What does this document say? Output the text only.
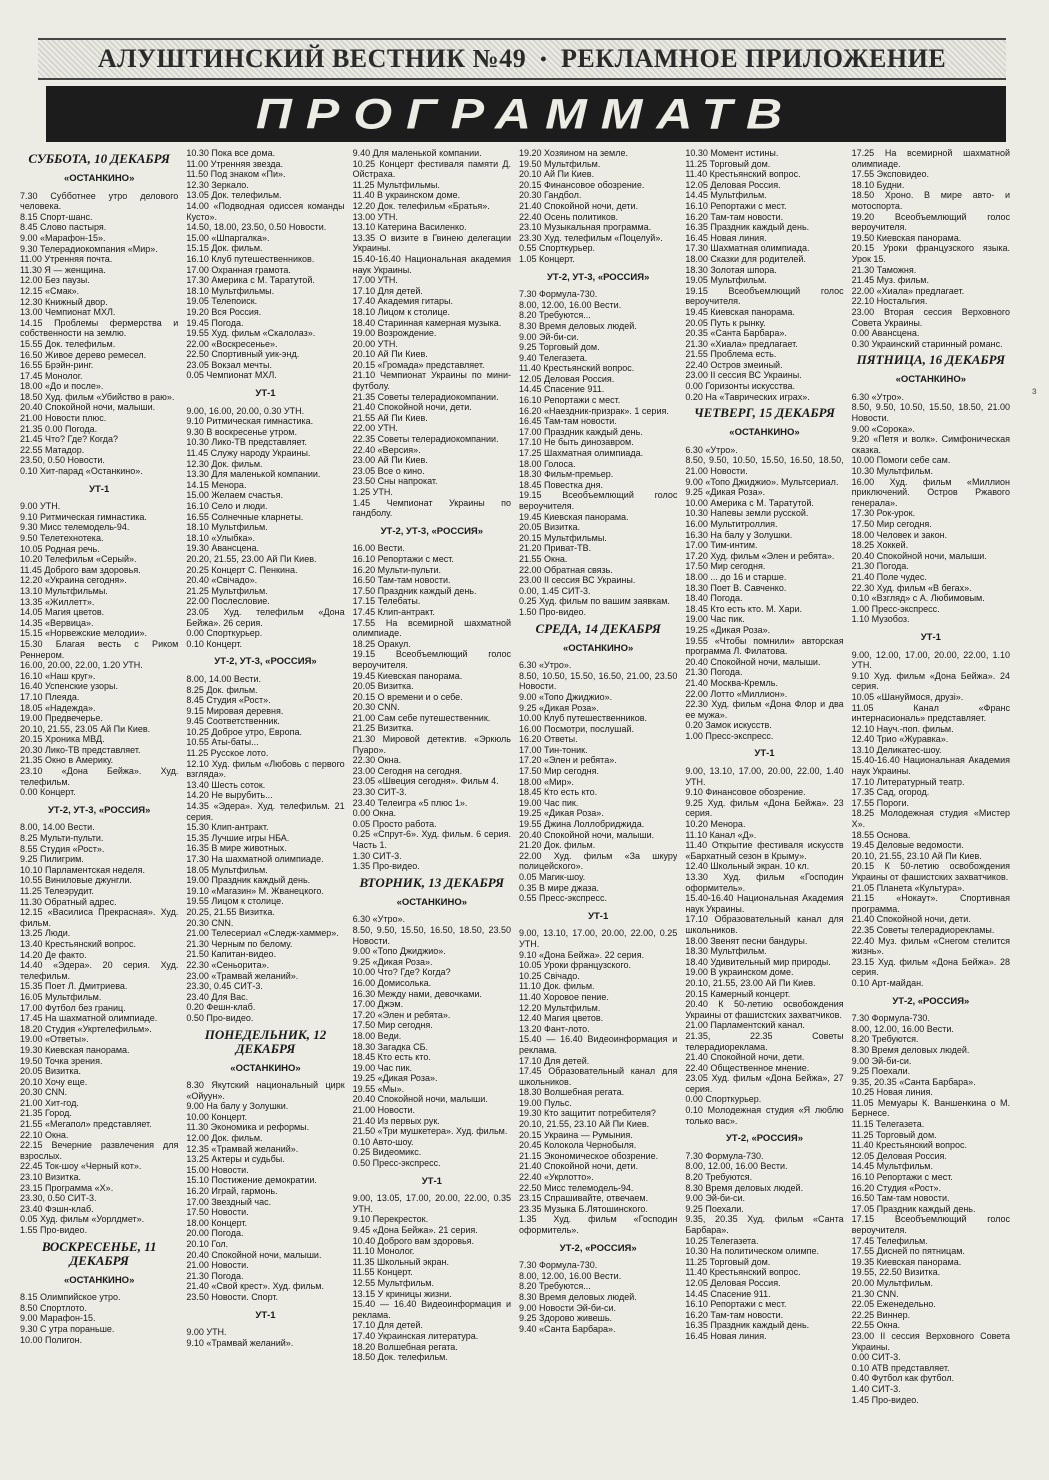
АЛУШТИНСКИЙ ВЕСТНИК №49 • РЕКЛАМНОЕ ПРИЛОЖЕНИЕ
ПРОГРАММАТВ
ɜ
СУББОТА, 10 ДЕКАБРЯ
«ОСТАНКИНО»
7.30 Субботнее утро делового человека.
8.15 Спорт-шанс.
8.45 Слово пастыря.
9.00 «Марафон-15».
9.30 Телерадиокомпания «Мир».
11.00 Утренняя почта.
11.30 Я — женщина.
12.00 Без паузы.
12.15 «Смак».
12.30 Книжный двор.
13.00 Чемпионат МХЛ.
14.15 Проблемы фермерства и собственности на землю.
15.55 Док. телефильм.
16.50 Живое дерево ремесел.
16.55 Брэйн-ринг.
17.45 Монолог.
18.00 «До и после».
18.50 Худ. фильм «Убийство в раю».
20.40 Спокойной ночи, малыши.
21.00 Новости плюс.
21.35 0.00 Погода.
21.45 Что? Где? Когда?
22.55 Матадор.
23.50, 0.50 Новости.
0.10 Хит-парад «Останкино».
УТ-1
9.00 УТН.
9.10 Ритмическая гимнастика.
9.30 Мисс телемодель-94.
9.50 Телетехнотека.
10.05 Родная речь.
10.20 Телефильм «Серый».
11.45 Доброго вам здоровья.
12.20 «Украина сегодня».
13.10 Мультфильмы.
13.35 «Жиллетт».
14.05 Магия цветов.
14.35 «Вервица».
15.15 «Норвежские мелодии».
15.30 Благая весть с Риком Реннером.
16.00, 20.00, 22.00, 1.20 УТН.
16.10 «Наш круг».
16.40 Успенские узоры.
17.10 Плеяда.
18.05 «Надежда».
19.00 Предвечерье.
20.10, 21.55, 23.05 Ай Пи Киев.
20.15 Хроника МВД.
20.30 Лико-ТВ представляет.
21.35 Окно в Америку.
23.10 «Дона Бейжа». Худ. телефильм.
0.00 Концерт.
УТ-2, УТ-3, «РОССИЯ»
8.00, 14.00 Вести.
8.25 Мульти-пульти.
8.55 Студия «Рост».
9.25 Пилигрим.
10.10 Парламентская неделя.
10.55 Виниловые джунгли.
11.25 Телеэрудит.
11.30 Обратный адрес.
12.15 «Василиса Прекрасная». Худ. фильм.
13.25 Люди.
13.40 Крестьянский вопрос.
14.20 Де факто.
14.40 «Эдера». 20 серия. Худ. телефильм.
15.35 Поет Л. Дмитриева.
16.05 Мультфильм.
17.00 Футбол без границ.
17.45 На шахматной олимпиаде.
18.20 Студия «Укртелефильм».
19.00 «Ответы».
19.30 Киевская панорама.
19.50 Точка зрения.
20.05 Визитка.
20.10 Хочу еще.
20.30 CNN.
21.00 Хит-год.
21.35 Город.
21.55 «Мегапол» представляет.
22.10 Окна.
22.15 Вечерние развлечения для взрослых.
22.45 Ток-шоу «Черный кот».
23.10 Визитка.
23.15 Программа «Х».
23.30, 0.50 СИТ-3.
23.40 Фэшн-клаб.
0.05 Худ. фильм «Уорлдмет».
1.55 Про-видео.
ВОСКРЕСЕНЬЕ, 11 ДЕКАБРЯ
«ОСТАНКИНО»
8.15 Олимпийское утро.
8.50 Спортлото.
9.00 Марафон-15.
9.30 С утра пораньше.
10.00 Полигон.
10.30 Пока все дома.
11.00 Утренняя звезда.
11.50 Под знаком «Пи».
12.30 Зеркало.
13.05 Док. телефильм.
14.00 «Подводная одиссея команды Кусто».
14.50, 18.00, 23.50, 0.50 Новости.
15.00 «Шпаргалка».
15.15 Док. фильм.
16.10 Клуб путешественников.
17.00 Охранная грамота.
17.30 Америка с М. Таратутой.
18.10 Мультфильмы.
19.05 Телепоиск.
19.20 Вся Россия.
19.45 Погода.
19.55 Худ. фильм «Скалолаз».
22.00 «Воскресенье».
22.50 Спортивный уик-энд.
23.05 Вокзал мечты.
0.05 Чемпионат МХЛ.
УТ-1
9.00, 16.00, 20.00, 0.30 УТН.
9.10 Ритмическая гимнастика.
9.30 В воскресенье утром.
10.30 Лико-ТВ представляет.
11.45 Служу народу Украины.
12.30 Док. фильм.
13.30 Для маленькой компании.
14.15 Менора.
15.00 Желаем счастья.
16.10 Село и люди.
16.55 Солнечные кларнеты.
18.10 Мультфильм.
18.10 «Улыбка».
19.30 Авансцена.
20.20, 21.55, 23.00 Ай Пи Киев.
20.25 Концерт С. Пенкина.
20.40 «Свiчадо».
21.25 Мультфильм.
22.00 Послесловие.
23.05 Худ. телефильм «Дона Бейжа». 26 серия.
0.00 Спорткурьер.
0.10 Концерт.
УТ-2, УТ-3, «РОССИЯ»
8.00, 14.00 Вести.
8.25 Док. фильм.
8.45 Студия «Рост».
9.15 Мировая деревня.
9.45 Соответственник.
10.25 Доброе утро, Европа.
10.55 Аты-баты...
11.25 Русское лото.
12.10 Худ. фильм «Любовь с первого взгляда».
13.40 Шесть соток.
14.20 Не вырубить...
14.35 «Эдера». Худ. телефильм. 21 серия.
15.30 Клип-антракт.
15.35 Лучшие игры НБА.
16.35 В мире животных.
17.30 На шахматной олимпиаде.
18.05 Мультфильм.
19.00 Праздник каждый день.
19.10 «Магазин» М. Жванецкого.
19.55 Лицом к столице.
20.25, 21.55 Визитка.
20.30 CNN.
21.00 Телесериал «Следж-хаммер».
21.30 Черным по белому.
21.50 Капитан-видео.
22.30 «Сеньорита».
23.00 «Трамвай желаний».
23.30, 0.45 СИТ-3.
23.40 Для Вас.
0.20 Фешн-клаб.
0.50 Про-видео.
ПОНЕДЕЛЬНИК, 12 ДЕКАБРЯ
«ОСТАНКИНО»
8.30 Якутский национальный цирк «Ойуун».
9.00 На балу у Золушки.
10.00 Концерт.
11.30 Экономика и реформы.
12.00 Док. фильм.
12.35 «Трамвай желаний».
13.25 Актеры и судьбы.
15.00 Новости.
15.10 Постижение демократии.
16.20 Играй, гармонь.
17.00 Звездный час.
17.50 Новости.
18.00 Концерт.
20.00 Погода.
20.10 Гол.
20.40 Спокойной ночи, малыши.
21.00 Новости.
21.30 Погода.
21.40 «Свой крест». Худ. фильм.
23.50 Новости. Спорт.
УТ-1
9.00 УТН.
9.10 «Трамвай желаний».
9.40 Для маленькой компании.
10.25 Концерт фестиваля памяти Д. Ойстраха.
11.25 Мультфильмы.
11.40 В украинском доме.
12.20 Док. телефильм «Братья».
13.00 УТН.
13.10 Катерина Василенко.
13.35 О визите в Гвинею делегации Украины.
15.40-16.40 Национальная академия наук Украины.
17.00 УТН.
17.10 Для детей.
17.40 Академия гитары.
18.10 Лицом к столице.
18.40 Старинная камерная музыка.
19.00 Возрождение.
20.00 УТН.
20.10 Ай Пи Киев.
20.15 «Громада» представляет.
21.10 Чемпионат Украины по мини-футболу.
21.35 Советы телерадиокомпании.
21.40 Спокойной ночи, дети.
21.55 Ай Пи Киев.
22.00 УТН.
22.35 Советы телерадиокомпании.
22.40 «Версия».
23.00 Ай Пи Киев.
23.05 Все о кино.
23.50 Сны напрокат.
1.25 УТН.
1.45 Чемпионат Украины по гандболу.
УТ-2, УТ-3, «РОССИЯ»
16.00 Вести.
16.10 Репортажи с мест.
16.20 Мульти-пульти.
16.50 Там-там новости.
17.50 Праздник каждый день.
17.15 Телебаты.
17.45 Клип-антракт.
17.55 На всемирной шахматной олимпиаде.
18.25 Оракул.
19.15 Всеобъемлющий голос вероучителя.
19.45 Киевская панорама.
20.05 Визитка.
20.15 О времени и о себе.
20.30 CNN.
21.00 Сам себе путешественник.
21.25 Визитка.
21.30 Мировой детектив. «Эркюль Пуаро».
22.30 Окна.
23.00 Сегодня на сегодня.
23.05 «Швеция сегодня». Фильм 4.
23.30 СИТ-3.
23.40 Телеигра «5 плюс 1».
0.00 Окна.
0.05 Просто работа.
0.25 «Спрут-6». Худ. фильм. 6 серия. Часть 1.
1.30 СИТ-3.
1.35 Про-видео.
ВТОРНИК, 13 ДЕКАБРЯ
«ОСТАНКИНО»
6.30 «Утро».
8.50, 9.50, 15.50, 16.50, 18.50, 23.50 Новости.
9.00 «Топо Джиджио».
9.25 «Дикая Роза».
10.00 Что? Где? Когда?
16.00 Домисолька.
16.30 Между нами, девочками.
17.00 Джэм.
17.20 «Элен и ребята».
17.50 Мир сегодня.
18.00 Веди.
18.30 Загадка СБ.
18.45 Кто есть кто.
19.00 Час пик.
19.25 «Дикая Роза».
19.55 «Мы».
20.40 Спокойной ночи, малыши.
21.00 Новости.
21.40 Из первых рук.
21.50 «Три мушкетера». Худ. фильм.
0.10 Авто-шоу.
0.25 Видеомикс.
0.50 Пресс-экспресс.
УТ-1
9.00, 13.05, 17.00, 20.00, 22.00, 0.35 УТН.
9.10 Перекресток.
9.45 «Дона Бейжа». 21 серия.
10.40 Доброго вам здоровья.
11.10 Монолог.
11.35 Школьный экран.
11.55 Концерт.
12.55 Мультфильм.
13.15 У криницы жизни.
15.40 — 16.40 Видеоинформация и реклама.
17.10 Для детей.
17.40 Украинская литература.
18.20 Волшебная регата.
18.50 Док. телефильм.
19.20 Хозяином на земле.
19.50 Мультфильм.
20.10 Ай Пи Киев.
20.15 Финансовое обозрение.
20.30 Гандбол.
21.40 Спокойной ночи, дети.
22.40 Осень политиков.
23.10 Музыкальная программа.
23.30 Худ. телефильм «Поцелуй».
0.55 Спорткурьер.
1.05 Концерт.
УТ-2, УТ-3, «РОССИЯ»
7.30 Формула-730.
8.00, 12.00, 16.00 Вести.
8.20 Требуются...
8.30 Время деловых людей.
9.00 Эй-би-си.
9.25 Торговый дом.
9.40 Телегазета.
11.40 Крестьянский вопрос.
12.05 Деловая Россия.
14.45 Спасение 911.
16.10 Репортажи с мест.
16.20 «Наездник-призрак». 1 серия.
16.45 Там-там новости.
17.00 Праздник каждый день.
17.10 Не быть динозавром.
17.25 Шахматная олимпиада.
18.00 Голоса.
18.30 Фильм-премьер.
18.45 Повестка дня.
19.15 Всеобъемлющий голос вероучителя.
19.45 Киевская панорама.
20.05 Визитка.
20.15 Мультфильмы.
21.20 Приват-ТВ.
21.55 Окна.
22.00 Обратная связь.
23.00 II сессия ВС Украины.
0.00, 1.45 СИТ-3.
0.25 Худ. фильм по вашим заявкам.
1.50 Про-видео.
СРЕДА, 14 ДЕКАБРЯ
«ОСТАНКИНО»
6.30 «Утро».
8.50, 10.50, 15.50, 16.50, 21.00, 23.50 Новости.
9.00 «Топо Джиджио».
9.25 «Дикая Роза».
10.00 Клуб путешественников.
16.00 Посмотри, послушай.
16.20 Ответы.
17.00 Тин-тоник.
17.20 «Элен и ребята».
17.50 Мир сегодня.
18.00 «Мир».
18.45 Кто есть кто.
19.00 Час пик.
19.25 «Дикая Роза».
19.55 Джина Лоллобриджида.
20.40 Спокойной ночи, малыши.
21.20 Док. фильм.
22.00 Худ. фильм «За шкуру полицейского».
0.05 Магик-шоу.
0.35 В мире джаза.
0.55 Пресс-экспресс.
УТ-1
9.00, 13.10, 17.00, 20.00, 22.00, 0.25 УТН.
9.10 «Дона Бейжа». 22 серия.
10.05 Уроки французского.
10.25 Свiчадо.
11.10 Док. фильм.
11.40 Хоровое пение.
12.20 Мультфильм.
12.40 Магия цветов.
13.20 Фант-лото.
15.40 — 16.40 Видеоинформация и реклама.
17.10 Для детей.
17.45 Образовательный канал для школьников.
18.30 Волшебная регата.
19.00 Пульс.
19.30 Кто защитит потребителя?
20.10, 21.55, 23.10 Ай Пи Киев.
20.15 Украина — Румыния.
20.45 Колокола Чернобыля.
21.15 Экономическое обозрение.
21.40 Спокойной ночи, дети.
22.40 «Укрлотто».
22.50 Мисс телемодель-94.
23.15 Спрашивайте, отвечаем.
23.35 Музыка Б.Лятошинского.
1.35 Худ. фильм «Господин оформитель».
УТ-2, «РОССИЯ»
7.30 Формула-730.
8.00, 12.00, 16.00 Вести.
8.20 Требуются...
8.30 Время деловых людей.
9.00 Новости Эй-би-си.
9.25 Здорово живешь.
9.40 «Санта Барбара».
10.30 Момент истины.
11.25 Торговый дом.
11.40 Крестьянский вопрос.
12.05 Деловая Россия.
14.45 Мультфильм.
16.10 Репортажи с мест.
16.20 Там-там новости.
16.35 Праздник каждый день.
16.45 Новая линия.
17.30 Шахматная олимпиада.
18.00 Сказки для родителей.
18.30 Золотая шпора.
19.05 Мультфильм.
19.15 Всеобъемлющий голос вероучителя.
19.45 Киевская панорама.
20.05 Путь к рынку.
20.35 «Санта Барбара».
21.30 «Хиала» предлагает.
21.55 Проблема есть.
22.40 Остров змеиный.
23.00 II сессия ВС Украины.
0.00 Горизонты искусства.
0.20 На «Таврических играх».
ЧЕТВЕРГ, 15 ДЕКАБРЯ
«ОСТАНКИНО»
6.30 «Утро».
8.50, 9.50, 10.50, 15.50, 16.50, 18.50, 21.00 Новости.
9.00 «Топо Джиджио». Мультсериал.
9.25 «Дикая Роза».
10.00 Америка с М. Таратутой.
10.30 Напевы земли русской.
16.00 Мультитроллия.
16.30 На балу у Золушки.
17.00 Тим-интим.
17.20 Худ. фильм «Элен и ребята».
17.50 Мир сегодня.
18.00 ... до 16 и старше.
18.30 Поет В. Савченко.
18.40 Погода.
18.45 Кто есть кто. М. Хари.
19.00 Час пик.
19.25 «Дикая Роза».
19.55 «Чтобы помнили» авторская программа Л. Филатова.
20.40 Спокойной ночи, малыши.
21.30 Погода.
21.40 Москва-Кремль.
22.00 Лотто «Миллион».
22.30 Худ. фильм «Дона Флор и два ее мужа».
0.20 Замок искусств.
1.00 Пресс-экспресс.
УТ-1
9.00, 13.10, 17.00, 20.00, 22.00, 1.40 УТН.
9.10 Финансовое обозрение.
9.25 Худ. фильм «Дона Бейжа». 23 серия.
10.20 Менора.
11.10 Канал «Д».
11.40 Открытие фестиваля искусств «Бархатный сезон в Крыму».
12.40 Школьный экран. 10 кл.
13.30 Худ. фильм «Господин оформитель».
15.40-16.40 Национальная Академия наук Украины.
17.10 Образовательный канал для школьников.
18.00 Звенят песни бандуры.
18.30 Мультфильм.
18.40 Удивительный мир природы.
19.00 В украинском доме.
20.10, 21.55, 23.00 Ай Пи Киев.
20.15 Камерный концерт.
20.40 К 50-летию освобождения Украины от фашистских захватчиков.
21.00 Парламентский канал.
21.35, 22.35 Советы телерадиореклама.
21.40 Спокойной ночи, дети.
22.40 Общественное мнение.
23.05 Худ. фильм «Дона Бейжа», 27 серия.
0.00 Спорткурьер.
0.10 Молодежная студия «Я люблю только вас».
УТ-2, «РОССИЯ»
7.30 Формула-730.
8.00, 12.00, 16.00 Вести.
8.20 Требуются.
8.30 Время деловых людей.
9.00 Эй-би-си.
9.25 Поехали.
9.35, 20.35 Худ. фильм «Санта Барбара».
10.25 Телегазета.
10.30 На политическом олимпе.
11.25 Торговый дом.
11.40 Крестьянский вопрос.
12.05 Деловая Россия.
14.45 Спасение 911.
16.10 Репортажи с мест.
16.20 Там-там новости.
16.35 Праздник каждый день.
16.45 Новая линия.
17.25 На всемирной шахматной олимпиаде.
17.55 Экcповидео.
18.10 Будни.
18.50 Хроно. В мире авто- и мотоспорта.
19.20 Всеобъемлющий голос вероучителя.
19.50 Киевская панорама.
20.15 Уроки французского языка. Урок 15.
21.30 Таможня.
21.45 Муз. фильм.
22.00 «Хиала» предлагает.
22.10 Ностальгия.
23.00 Вторая сессия Верховного Совета Украины.
0.00 Авансцена.
0.30 Украинский старинный романс.
ПЯТНИЦА, 16 ДЕКАБРЯ
«ОСТАНКИНО»
6.30 «Утро».
8.50, 9.50, 10.50, 15.50, 18.50, 21.00 Новости.
9.00 «Сорока».
9.20 «Петя и волк». Симфоническая сказка.
10.00 Помоги себе сам.
10.30 Мультфильм.
16.00 Худ. фильм «Миллион приключений. Остров Ржавого генерала».
17.30 Рок-урок.
17.50 Мир сегодня.
18.00 Человек и закон.
18.25 Хоккей.
20.40 Спокойной ночи, малыши.
21.30 Погода.
21.40 Поле чудес.
22.30 Худ. фильм «В бегах».
0.10 «Взгляд» с А. Любимовым.
1.00 Пресс-экспресс.
1.10 Музобоз.
УТ-1
9.00, 12.00, 17.00, 20.00, 22.00, 1.10 УТН.
9.10 Худ. фильм «Дона Бейжа». 24 серия.
10.05 «Шануймося, друзі».
11.05 Канал «Франс интернасиональ» представляет.
12.10 Науч.-поп. фильм.
12.40 Трио «Журавка».
13.10 Деликатес-шоу.
15.40-16.40 Национальная Академия наук Украины.
17.10 Литературный театр.
17.35 Сад, огород.
17.55 Пороги.
18.25 Молодежная студия «Мистер Х».
18.55 Основа.
19.45 Деловые ведомости.
20.10, 21.55, 23.10 Ай Пи Киев.
20.15 К 50-летию освобождения Украины от фашистских захватчиков.
21.05 Планета «Культура».
21.15 «Нокаут». Спортивная программа.
21.40 Спокойной ночи, дети.
22.35 Советы телерадиорекламы.
22.40 Муз. фильм «Снегом стелится жизнь».
23.15 Худ. фильм «Дона Бейжа». 28 серия.
0.10 Арт-майдан.
УТ-2, «РОССИЯ»
7.30 Формула-730.
8.00, 12.00, 16.00 Вести.
8.20 Требуются.
8.30 Время деловых людей.
9.00 Эй-би-си.
9.25 Поехали.
9.35, 20.35 «Санта Барбара».
10.25 Новая линия.
11.05 Мемуары К. Ваншенкина о М. Бернесе.
11.15 Телегазета.
11.25 Торговый дом.
11.40 Крестьянский вопрос.
12.05 Деловая Россия.
14.45 Мультфильм.
16.10 Репортажи с мест.
16.20 Студия «Рост».
16.50 Там-там новости.
17.05 Праздник каждый день.
17.15 Всеобъемлющий голос вероучителя.
17.45 Телефильм.
17.55 Дисней по пятницам.
19.35 Киевская панорама.
19.55, 22.50 Визитка.
20.00 Мультфильм.
21.30 CNN.
22.05 Еженедельно.
22.25 Виннер.
22.55 Окна.
23.00 II сессия Верховного Совета Украины.
0.00 СИТ-3.
0.10 АТВ представляет.
0.40 Футбол как футбол.
1.40 СИТ-3.
1.45 Про-видео.
